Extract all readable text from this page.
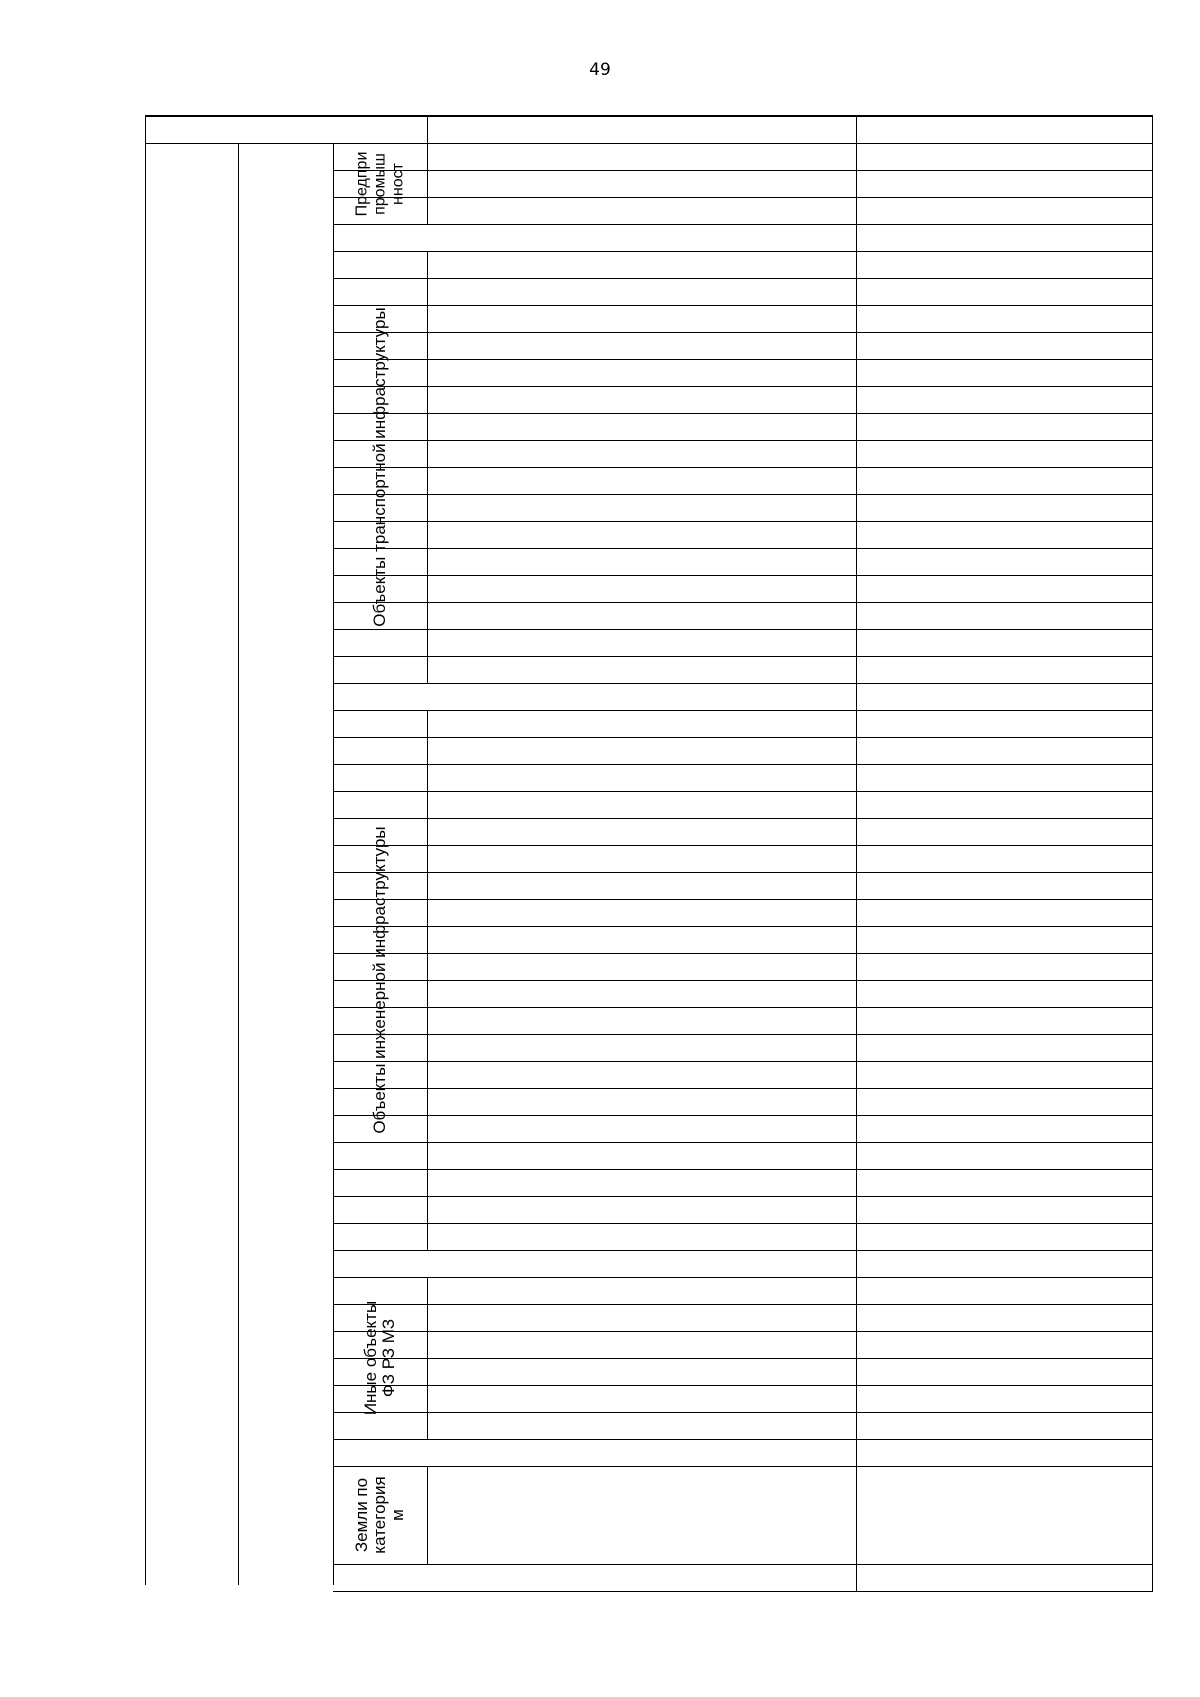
49
Предпри
промыш
нност
Объекты транспортной инфраструктуры
Объекты инженерной инфраструктуры
Иные объекты
ФЗ РЗ МЗ
Земли по
категория
м
